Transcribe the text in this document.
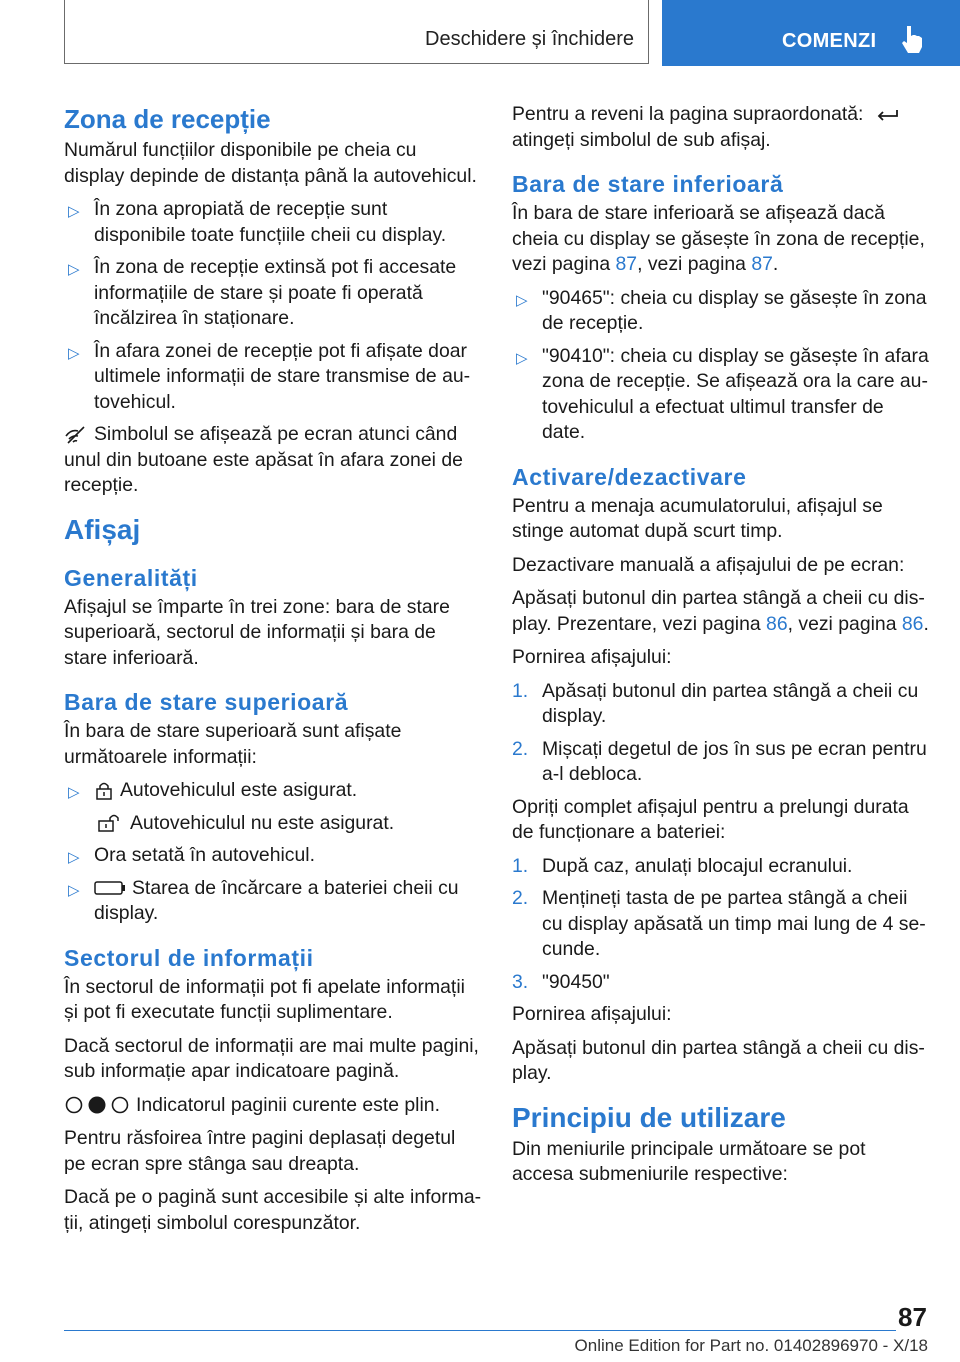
Deschidere și închidere	COMENZI
Zona de recepție

Numărul funcțiilor disponibile pe cheia cu display depinde de distanța până la autovehicul.

▷ În zona apropiată de recepție sunt disponibile toate funcțiile cheii cu display.
▷ În zona de recepție extinsă pot fi accesate informațiile de stare și poate fi operată încălzirea în staționare.
▷ În afara zonei de recepție pot fi afișate doar ultimele informații de stare transmise de autovehicul.

Simbolul se afișează pe ecran atunci când unul din butoane este apăsat în afara zonei de recepție.

Afișaj
Generalități

Afișajul se împarte în trei zone: bara de stare superioară, sectorul de informații și bara de stare inferioară.

Bara de stare superioară

În bara de stare superioară sunt afișate următoarele informații:

▷ Autovehiculul este asigurat.
Autovehiculul nu este asigurat.
▷ Ora setată în autovehicul.
▷	Starea de încărcare a bateriei cheii cu display.
Sectorul de informații

În sectorul de informații pot fi apelate informații și pot fi executate funcții suplimentare.

Dacă sectorul de informații are mai multe pagini, sub informație apar indicatoare pagină.

Indicatorul paginii curente este plin.

Pentru răsfoirea între pagini deplasați degetul pe ecran spre stânga sau dreapta.

Dacă pe o pagină sunt accesibile și alte informații, atingeți simbolul corespunzător.

Pentru a reveni la pagina supraordonată:
atingeți simbolul de sub afișaj.

Bara de stare inferioară

În bara de stare inferioară se afișează dacă cheia cu display se găsește în zona de recepție, vezi pagina 87, vezi pagina 87.

▷ "90465": cheia cu display se găsește în zona de recepție.
▷ "90410": cheia cu display se găsește în afara zona de recepție. Se afișează ora la care autovehiculul a efectuat ultimul transfer de date.
Activare/dezactivare

Pentru a menaja acumulatorului, afișajul se stinge automat după scurt timp.

Dezactivare manuală a afișajului de pe ecran:

Apăsați butonul din partea stângă a cheii cu display. Prezentare, vezi pagina 86, vezi pagina 86.

Pornirea afișajului:

1. Apăsați butonul din partea stângă a cheii cu display.
2. Mișcați degetul de jos în sus pe ecran pentru a-l debloca.

Opriți complet afișajul pentru a prelungi durata de funcționare a bateriei:

1. După caz, anulați blocajul ecranului.
2. Mențineți tasta de pe partea stângă a cheii cu display apăsată un timp mai lung de 4 secunde.
3. "90450"

Pornirea afișajului:

Apăsați butonul din partea stângă a cheii cu display.

Principiu de utilizare

Din meniurile principale următoare se pot accesa submeniurile respective:

87
Online Edition for Part no. 01402896970 - X/18
